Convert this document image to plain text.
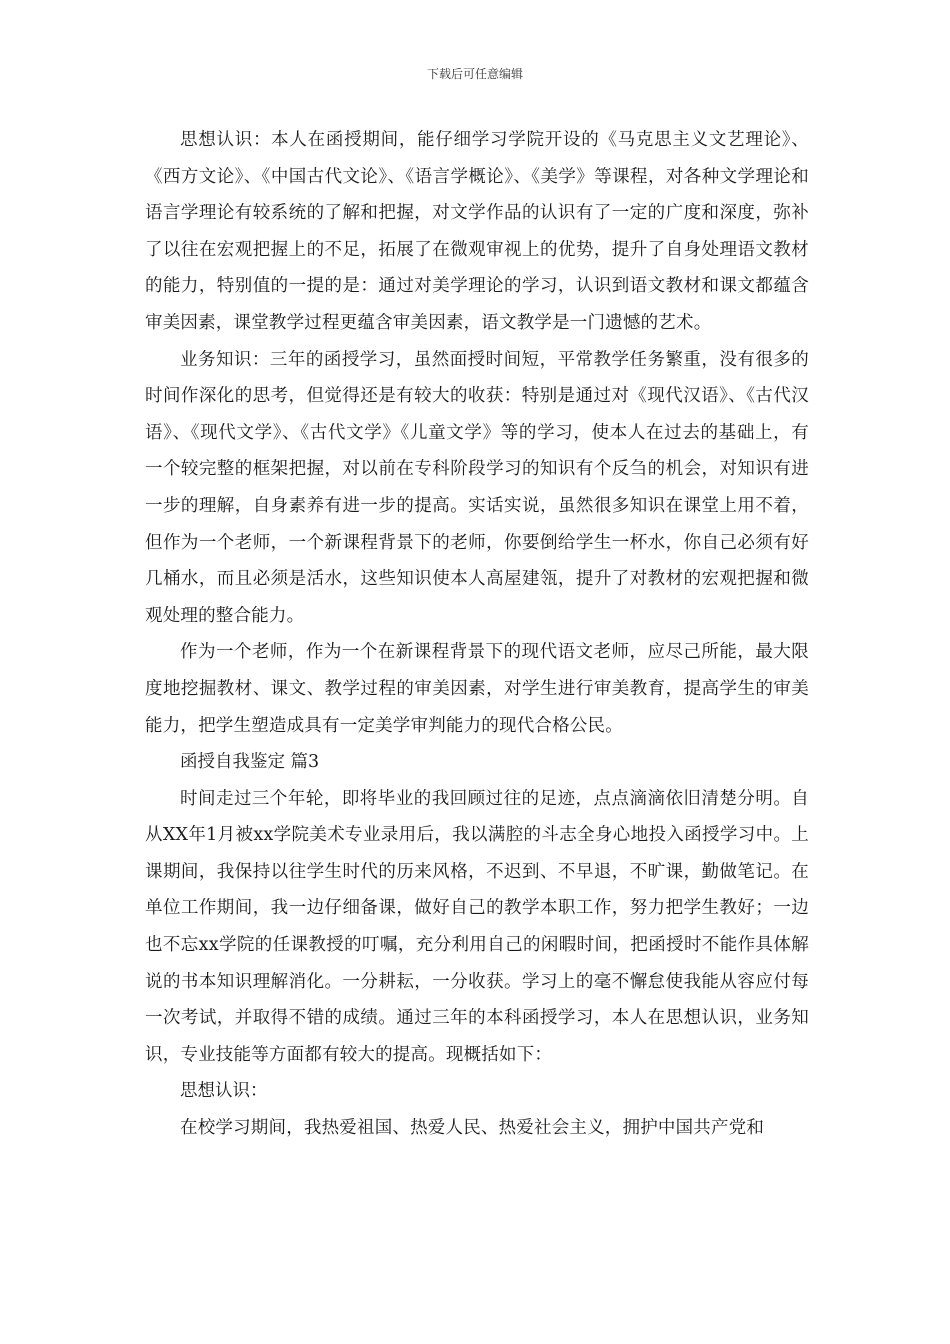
下载后可任意编辑

思想认识：本人在函授期间，能仔细学习学院开设的《马克思主义文艺理论》、《西方文论》、《中国古代文论》、《语言学概论》、《美学》等课程，对各种文学理论和语言学理论有较系统的了解和把握，对文学作品的认识有了一定的广度和深度，弥补了以往在宏观把握上的不足，拓展了在微观审视上的优势，提升了自身处理语文教材的能力，特别值的一提的是：通过对美学理论的学习，认识到语文教材和课文都蕴含审美因素，课堂教学过程更蕴含审美因素，语文教学是一门遗憾的艺术。

业务知识：三年的函授学习，虽然面授时间短，平常教学任务繁重，没有很多的时间作深化的思考，但觉得还是有较大的收获：特别是通过对《现代汉语》、《古代汉语》、《现代文学》、《古代文学》《儿童文学》等的学习，使本人在过去的基础上，有一个较完整的框架把握，对以前在专科阶段学习的知识有个反刍的机会，对知识有进一步的理解，自身素养有进一步的提高。实话实说，虽然很多知识在课堂上用不着，但作为一个老师，一个新课程背景下的老师，你要倒给学生一杯水，你自己必须有好几桶水，而且必须是活水，这些知识使本人高屋建瓴，提升了对教材的宏观把握和微观处理的整合能力。

作为一个老师，作为一个在新课程背景下的现代语文老师，应尽己所能，最大限度地挖掘教材、课文、教学过程的审美因素，对学生进行审美教育，提高学生的审美能力，把学生塑造成具有一定美学审判能力的现代合格公民。

函授自我鉴定 篇3

时间走过三个年轮，即将毕业的我回顾过往的足迹，点点滴滴依旧清楚分明。自从XX年1月被xx学院美术专业录用后，我以满腔的斗志全身心地投入函授学习中。上课期间，我保持以往学生时代的历来风格，不迟到、不早退，不旷课，勤做笔记。在单位工作期间，我一边仔细备课，做好自己的教学本职工作，努力把学生教好；一边也不忘xx学院的任课教授的叮嘱，充分利用自己的闲暇时间，把函授时不能作具体解说的书本知识理解消化。一分耕耘，一分收获。学习上的毫不懈怠使我能从容应付每一次考试，并取得不错的成绩。通过三年的本科函授学习，本人在思想认识，业务知识，专业技能等方面都有较大的提高。现概括如下：

思想认识：

在校学习期间，我热爱祖国、热爱人民、热爱社会主义，拥护中国共产党和
